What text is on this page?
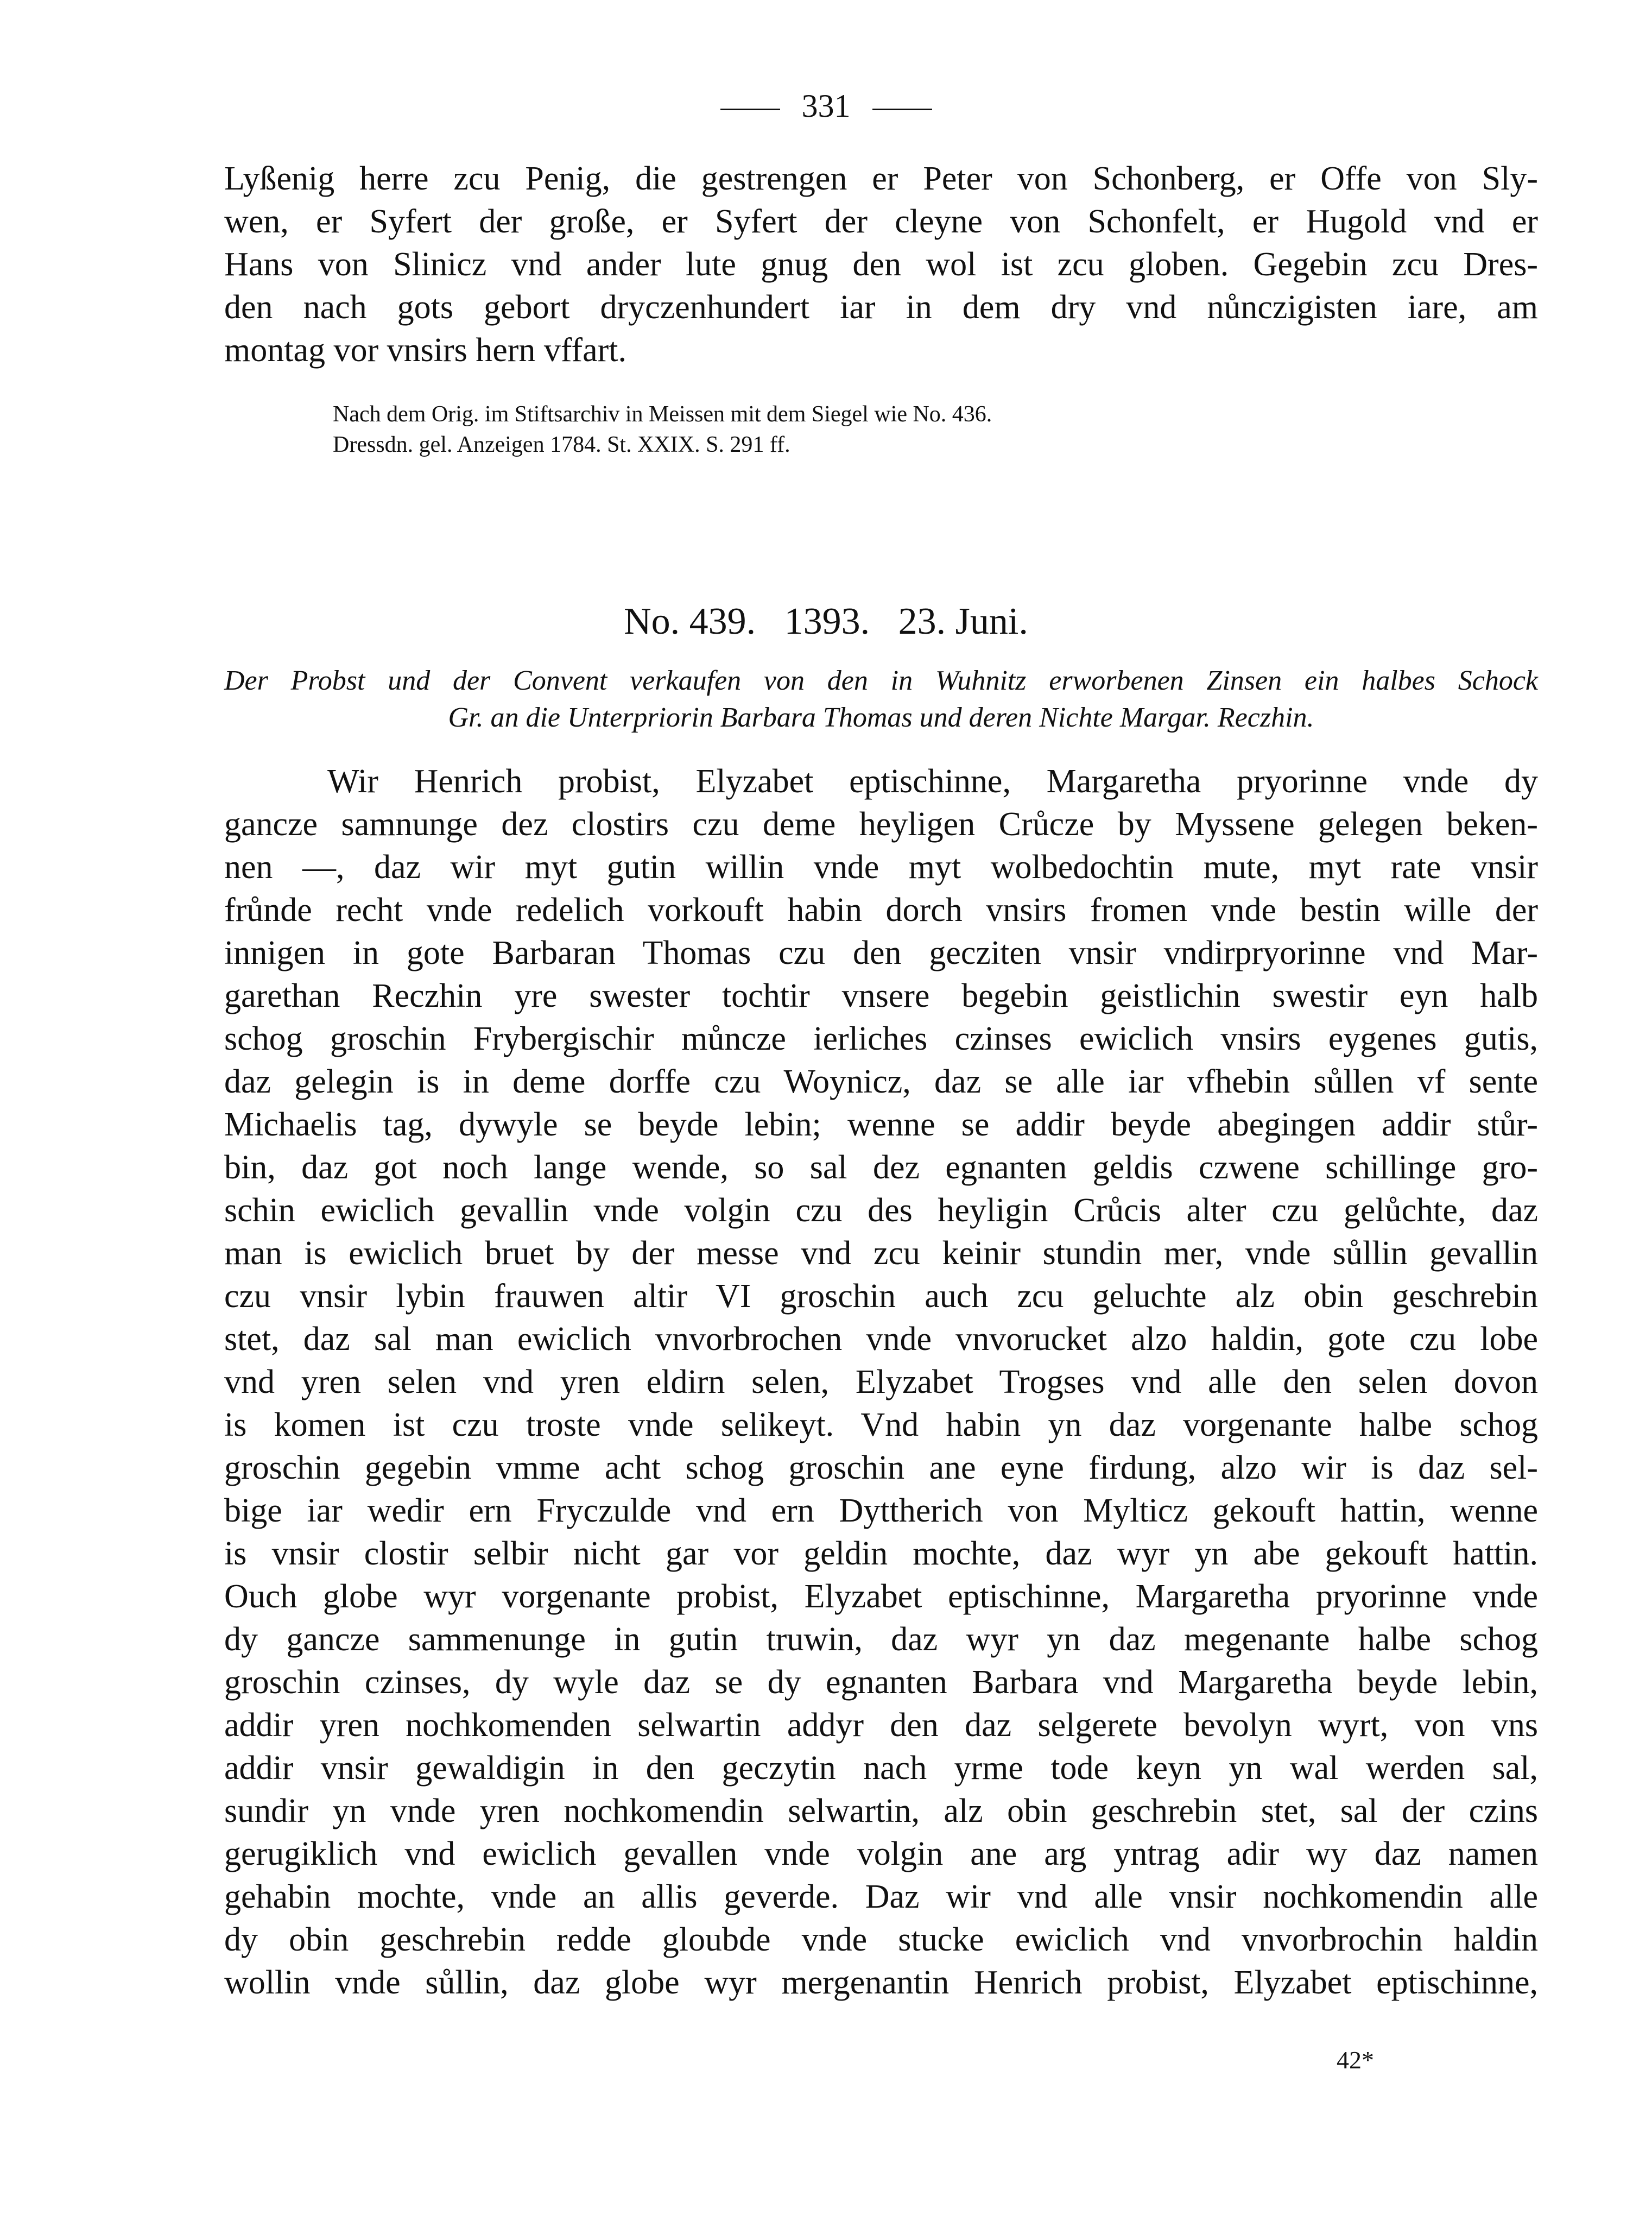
331
Lyßenig herre zcu Penig, die gestrengen er Peter von Schonberg, er Offe von Sly-
wen, er Syfert der große, er Syfert der cleyne von Schonfelt, er Hugold vnd er
Hans von Slinicz vnd ander lute gnug den wol ist zcu globen. Gegebin zcu Dres-
den nach gots gebort dryczenhundert iar in dem dry vnd nůnczigisten iare, am
montag vor vnsirs hern vffart.
Nach dem Orig. im Stiftsarchiv in Meissen mit dem Siegel wie No. 436.
Dressdn. gel. Anzeigen 1784. St. XXIX. S. 291 ff.
No. 439.   1393.   23. Juni.
Der Probst und der Convent verkaufen von den in Wuhnitz erworbenen Zinsen ein halbes Schock
Gr. an die Unterpriorin Barbara Thomas und deren Nichte Margar. Reczhin.
Wir Henrich probist, Elyzabet eptischinne, Margaretha pryorinne vnde dy
gancze samnunge dez clostirs czu deme heyligen Crůcze by Myssene gelegen beken-
nen —, daz wir myt gutin willin vnde myt wolbedochtin mute, myt rate vnsir
frůnde recht vnde redelich vorkouft habin dorch vnsirs fromen vnde bestin wille der
innigen in gote Barbaran Thomas czu den gecziten vnsir vndirpryorinne vnd Mar-
garethan Reczhin yre swester tochtir vnsere begebin geistlichin swestir eyn halb
schog groschin Frybergischir můncze ierliches czinses ewiclich vnsirs eygenes gutis,
daz gelegin is in deme dorffe czu Woynicz, daz se alle iar vfhebin sůllen vf sente
Michaelis tag, dywyle se beyde lebin; wenne se addir beyde abegingen addir stůr-
bin, daz got noch lange wende, so sal dez egnanten geldis czwene schillinge gro-
schin ewiclich gevallin vnde volgin czu des heyligin Crůcis alter czu gelůchte, daz
man is ewiclich bruet by der messe vnd zcu keinir stundin mer, vnde sůllin gevallin
czu vnsir lybin frauwen altir VI groschin auch zcu geluchte alz obin geschrebin
stet, daz sal man ewiclich vnvorbrochen vnde vnvorucket alzo haldin, gote czu lobe
vnd yren selen vnd yren eldirn selen, Elyzabet Trogses vnd alle den selen dovon
is komen ist czu troste vnde selikeyt. Vnd habin yn daz vorgenante halbe schog
groschin gegebin vmme acht schog groschin ane eyne firdung, alzo wir is daz sel-
bige iar wedir ern Fryczulde vnd ern Dyttherich von Mylticz gekouft hattin, wenne
is vnsir clostir selbir nicht gar vor geldin mochte, daz wyr yn abe gekouft hattin.
Ouch globe wyr vorgenante probist, Elyzabet eptischinne, Margaretha pryorinne vnde
dy gancze sammenunge in gutin truwin, daz wyr yn daz megenante halbe schog
groschin czinses, dy wyle daz se dy egnanten Barbara vnd Margaretha beyde lebin,
addir yren nochkomenden selwartin addyr den daz selgerete bevolyn wyrt, von vns
addir vnsir gewaldigin in den geczytin nach yrme tode keyn yn wal werden sal,
sundir yn vnde yren nochkomendin selwartin, alz obin geschrebin stet, sal der czins
gerugiklich vnd ewiclich gevallen vnde volgin ane arg yntrag adir wy daz namen
gehabin mochte, vnde an allis geverde. Daz wir vnd alle vnsir nochkomendin alle
dy obin geschrebin redde gloubde vnde stucke ewiclich vnd vnvorbrochin haldin
wollin vnde sůllin, daz globe wyr mergenantin Henrich probist, Elyzabet eptischinne,
42*
